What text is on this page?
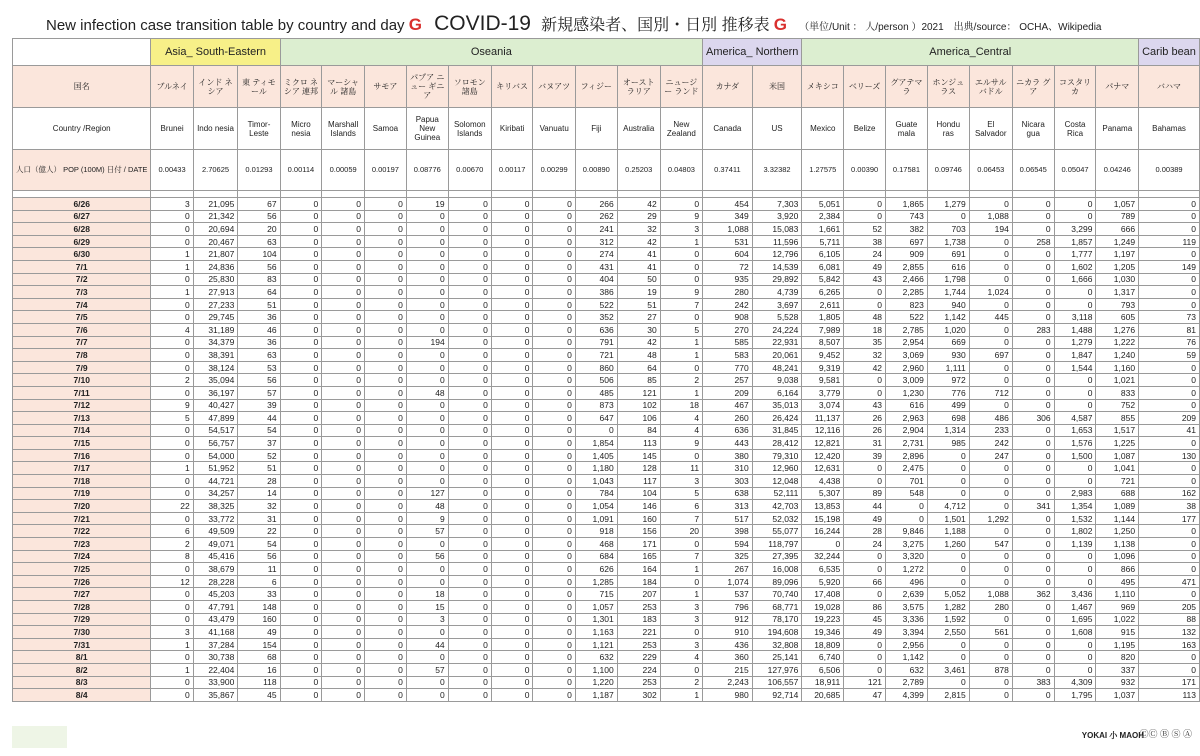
New infection case transition table by country and day G COVID-19 新規感染者、国別・日別 推移表 G （単位/Unit ： 人/person ）2021　出典/source： OCHA、Wikipedia
	Asia_ South-Eastern			Oseania										America_ Northern		America_Central								Carib bean
国名	ブルネイ	インド ネシア	東 ティモール	ミクロ ネシア 連邦	マーシャル 諸島	サモア	パプア ニュー ギニア	ソロモン 諸島	キリバス	バヌアツ	フィジー	オースト ラリア	ニュージー ランド	カナダ	米国	メキシコ	ベリーズ	グアテマラ	ホンジュ ラス	エルサル バドル	ニカラ グア	コスタリカ	パナマ	バハマ
Country /Region	Brunei	Indo nesia	Timor- Leste	Micro nesia	Marshall Islands	Samoa	Papua New Guinea	Solomon Islands	Kiribati	Vanuatu	Fiji	Australia	New Zealand	Canada	US	Mexico	Belize	Guate mala	Hondu ras	El Salvador	Nicara gua	Costa Rica	Panama	Bahamas
人口（億人） POP (100M) 日付 / DATE	0.00433	2.70625	0.01293	0.00114	0.00059	0.00197	0.08776	0.00670	0.00117	0.00299	0.00890	0.25203	0.04803	0.37411	3.32382	1.27575	0.00390	0.17581	0.09746	0.06453	0.06545	0.05047	0.04246	0.00389

6/26	3	21,095	67	0	0	0	19	0	0	0	266	42	0	454	7,303	5,051	0	1,865	1,279	0	0	0	1,057	0
6/27	0	21,342	56	0	0	0	0	0	0	0	262	29	9	349	3,920	2,384	0	743	0	1,088	0	0	789	0
6/28	0	20,694	20	0	0	0	0	0	0	0	241	32	3	1,088	15,083	1,661	52	382	703	194	0	3,299	666	0
6/29	0	20,467	63	0	0	0	0	0	0	0	312	42	1	531	11,596	5,711	38	697	1,738	0	258	1,857	1,249	119
6/30	1	21,807	104	0	0	0	0	0	0	0	274	41	0	604	12,796	6,105	24	909	691	0	0	1,777	1,197	0
7/1	1	24,836	56	0	0	0	0	0	0	0	431	41	0	72	14,539	6,081	49	2,855	616	0	0	1,602	1,205	149
7/2	0	25,830	83	0	0	0	0	0	0	0	404	50	0	935	29,892	5,842	43	2,466	1,798	0	0	1,666	1,030	0
7/3	1	27,913	64	0	0	0	0	0	0	0	386	19	9	280	4,739	6,265	0	2,285	1,744	1,024	0	0	1,317	0
7/4	0	27,233	51	0	0	0	0	0	0	0	522	51	7	242	3,697	2,611	0	823	940	0	0	0	793	0
7/5	0	29,745	36	0	0	0	0	0	0	0	352	27	0	908	5,528	1,805	48	522	1,142	445	0	3,118	605	73
7/6	4	31,189	46	0	0	0	0	0	0	0	636	30	5	270	24,224	7,989	18	2,785	1,020	0	283	1,488	1,276	81
7/7	0	34,379	36	0	0	0	194	0	0	0	791	42	1	585	22,931	8,507	35	2,954	669	0	0	1,279	1,222	76
7/8	0	38,391	63	0	0	0	0	0	0	0	721	48	1	583	20,061	9,452	32	3,069	930	697	0	1,847	1,240	59
7/9	0	38,124	53	0	0	0	0	0	0	0	860	64	0	770	48,241	9,319	42	2,960	1,111	0	0	1,544	1,160	0
7/10	2	35,094	56	0	0	0	0	0	0	0	506	85	2	257	9,038	9,581	0	3,009	972	0	0	0	1,021	0
7/11	0	36,197	57	0	0	0	48	0	0	0	485	121	1	209	6,164	3,779	0	1,230	776	712	0	0	833	0
7/12	9	40,427	39	0	0	0	0	0	0	0	873	102	18	467	35,013	3,074	43	616	499	0	0	0	752	0
7/13	5	47,899	44	0	0	0	0	0	0	0	647	106	4	260	26,424	11,137	26	2,963	698	486	306	4,587	855	209
7/14	0	54,517	54	0	0	0	0	0	0	0	0	84	4	636	31,845	12,116	26	2,904	1,314	233	0	1,653	1,517	41
7/15	0	56,757	37	0	0	0	0	0	0	0	1,854	113	9	443	28,412	12,821	31	2,731	985	242	0	1,576	1,225	0
7/16	0	54,000	52	0	0	0	0	0	0	0	1,405	145	0	380	79,310	12,420	39	2,896	0	247	0	1,500	1,087	130
7/17	1	51,952	51	0	0	0	0	0	0	0	1,180	128	11	310	12,960	12,631	0	2,475	0	0	0	0	1,041	0
7/18	0	44,721	28	0	0	0	0	0	0	0	1,043	117	3	303	12,048	4,438	0	701	0	0	0	0	721	0
7/19	0	34,257	14	0	0	0	127	0	0	0	784	104	5	638	52,111	5,307	89	548	0	0	0	2,983	688	162
7/20	22	38,325	32	0	0	0	48	0	0	0	1,054	146	6	313	42,703	13,853	44	0	4,712	0	341	1,354	1,089	38
7/21	0	33,772	31	0	0	0	9	0	0	0	1,091	160	7	517	52,032	15,198	49	0	1,501	1,292	0	1,532	1,144	177
7/22	6	49,509	22	0	0	0	57	0	0	0	918	156	20	398	55,077	16,244	28	9,846	1,188	0	0	1,802	1,250	0
7/23	2	49,071	54	0	0	0	0	0	0	0	468	171	0	594	118,797	0	24	3,275	1,260	547	0	1,139	1,138	0
7/24	8	45,416	56	0	0	0	56	0	0	0	684	165	7	325	27,395	32,244	0	3,320	0	0	0	0	1,096	0
7/25	0	38,679	11	0	0	0	0	0	0	0	626	164	1	267	16,008	6,535	0	1,272	0	0	0	0	866	0
7/26	12	28,228	6	0	0	0	0	0	0	0	1,285	184	0	1,074	89,096	5,920	66	496	0	0	0	0	495	471
7/27	0	45,203	33	0	0	0	18	0	0	0	715	207	1	537	70,740	17,408	0	2,639	5,052	1,088	362	3,436	1,110	0
7/28	0	47,791	148	0	0	0	15	0	0	0	1,057	253	3	796	68,771	19,028	86	3,575	1,282	280	0	1,467	969	205
7/29	0	43,479	160	0	0	0	3	0	0	0	1,301	183	3	912	78,170	19,223	45	3,336	1,592	0	0	1,695	1,022	88
7/30	3	41,168	49	0	0	0	0	0	0	0	1,163	221	0	910	194,608	19,346	49	3,394	2,550	561	0	1,608	915	132
7/31	1	37,284	154	0	0	0	44	0	0	0	1,121	253	3	436	32,808	18,809	0	2,956	0	0	0	0	1,195	163
8/1	0	30,738	68	0	0	0	0	0	0	0	632	229	4	360	25,141	6,740	0	1,142	0	0	0	0	820	0
8/2	1	22,404	16	0	0	0	57	0	0	0	1,100	224	0	215	127,976	6,506	0	632	3,461	878	0	0	337	0
8/3	0	33,900	118	0	0	0	0	0	0	0	1,220	253	2	2,243	106,557	18,911	121	2,789	0	0	383	4,309	932	171
8/4	0	35,867	45	0	0	0	0	0	0	0	1,187	302	1	980	92,714	20,685	47	4,399	2,815	0	0	1,795	1,037	113
YOKAI 小 MAOH
ⒸⒸ Ⓑ Ⓢ Ⓐ
